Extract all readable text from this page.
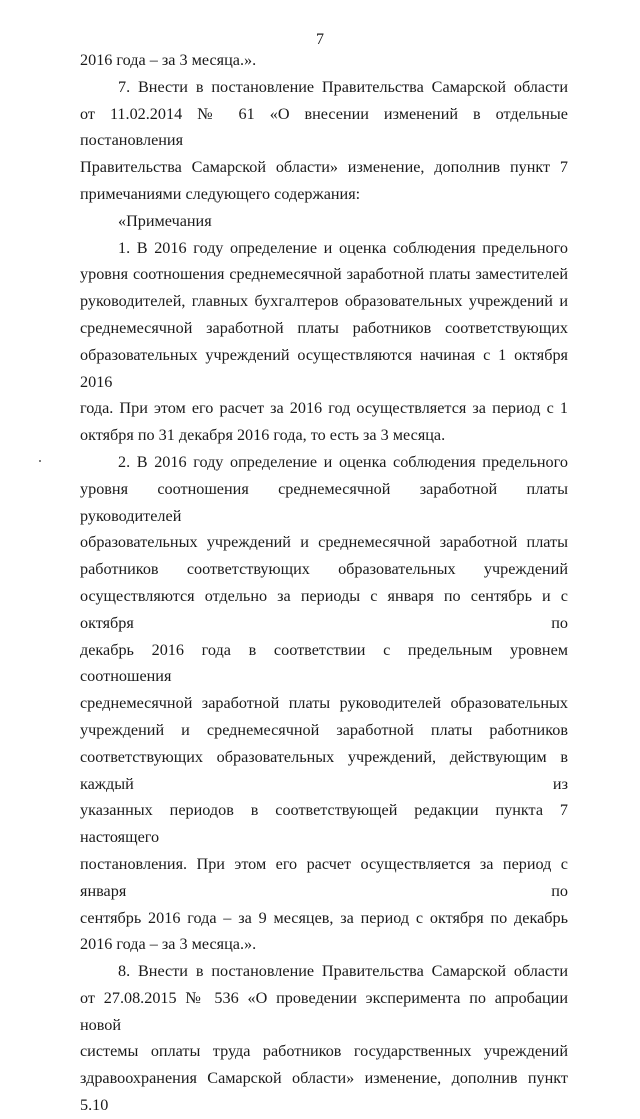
7

2016 года – за 3 месяца.».

7. Внести в постановление Правительства Самарской области

от 11.02.2014 № 61 «О внесении изменений в отдельные постановления

Правительства Самарской области» изменение, дополнив пункт 7

примечаниями следующего содержания:

«Примечания

1. В 2016 году определение и оценка соблюдения предельного

уровня соотношения среднемесячной заработной платы заместителей

руководителей, главных бухгалтеров образовательных учреждений и

среднемесячной заработной платы работников соответствующих

образовательных учреждений осуществляются начиная с 1 октября 2016

года. При этом его расчет за 2016 год осуществляется за период с 1

октября по 31 декабря 2016 года, то есть за 3 месяца.

2. В 2016 году определение и оценка соблюдения предельного

уровня соотношения среднемесячной заработной платы руководителей

образовательных учреждений и среднемесячной заработной платы

работников соответствующих образовательных учреждений

осуществляются отдельно за периоды с января по сентябрь и с октября по

декабрь 2016 года в соответствии с предельным уровнем соотношения

среднемесячной заработной платы руководителей образовательных

учреждений и среднемесячной заработной платы работников

соответствующих образовательных учреждений, действующим в каждый из

указанных периодов в соответствующей редакции пункта 7 настоящего

постановления. При этом его расчет осуществляется за период с января по

сентябрь 2016 года – за 9 месяцев, за период с октября по декабрь

2016 года – за 3 месяца.».

8. Внести в постановление Правительства Самарской области

от 27.08.2015 № 536 «О проведении эксперимента по апробации новой

системы оплаты труда работников государственных учреждений

здравоохранения Самарской области» изменение, дополнив пункт 5.10
